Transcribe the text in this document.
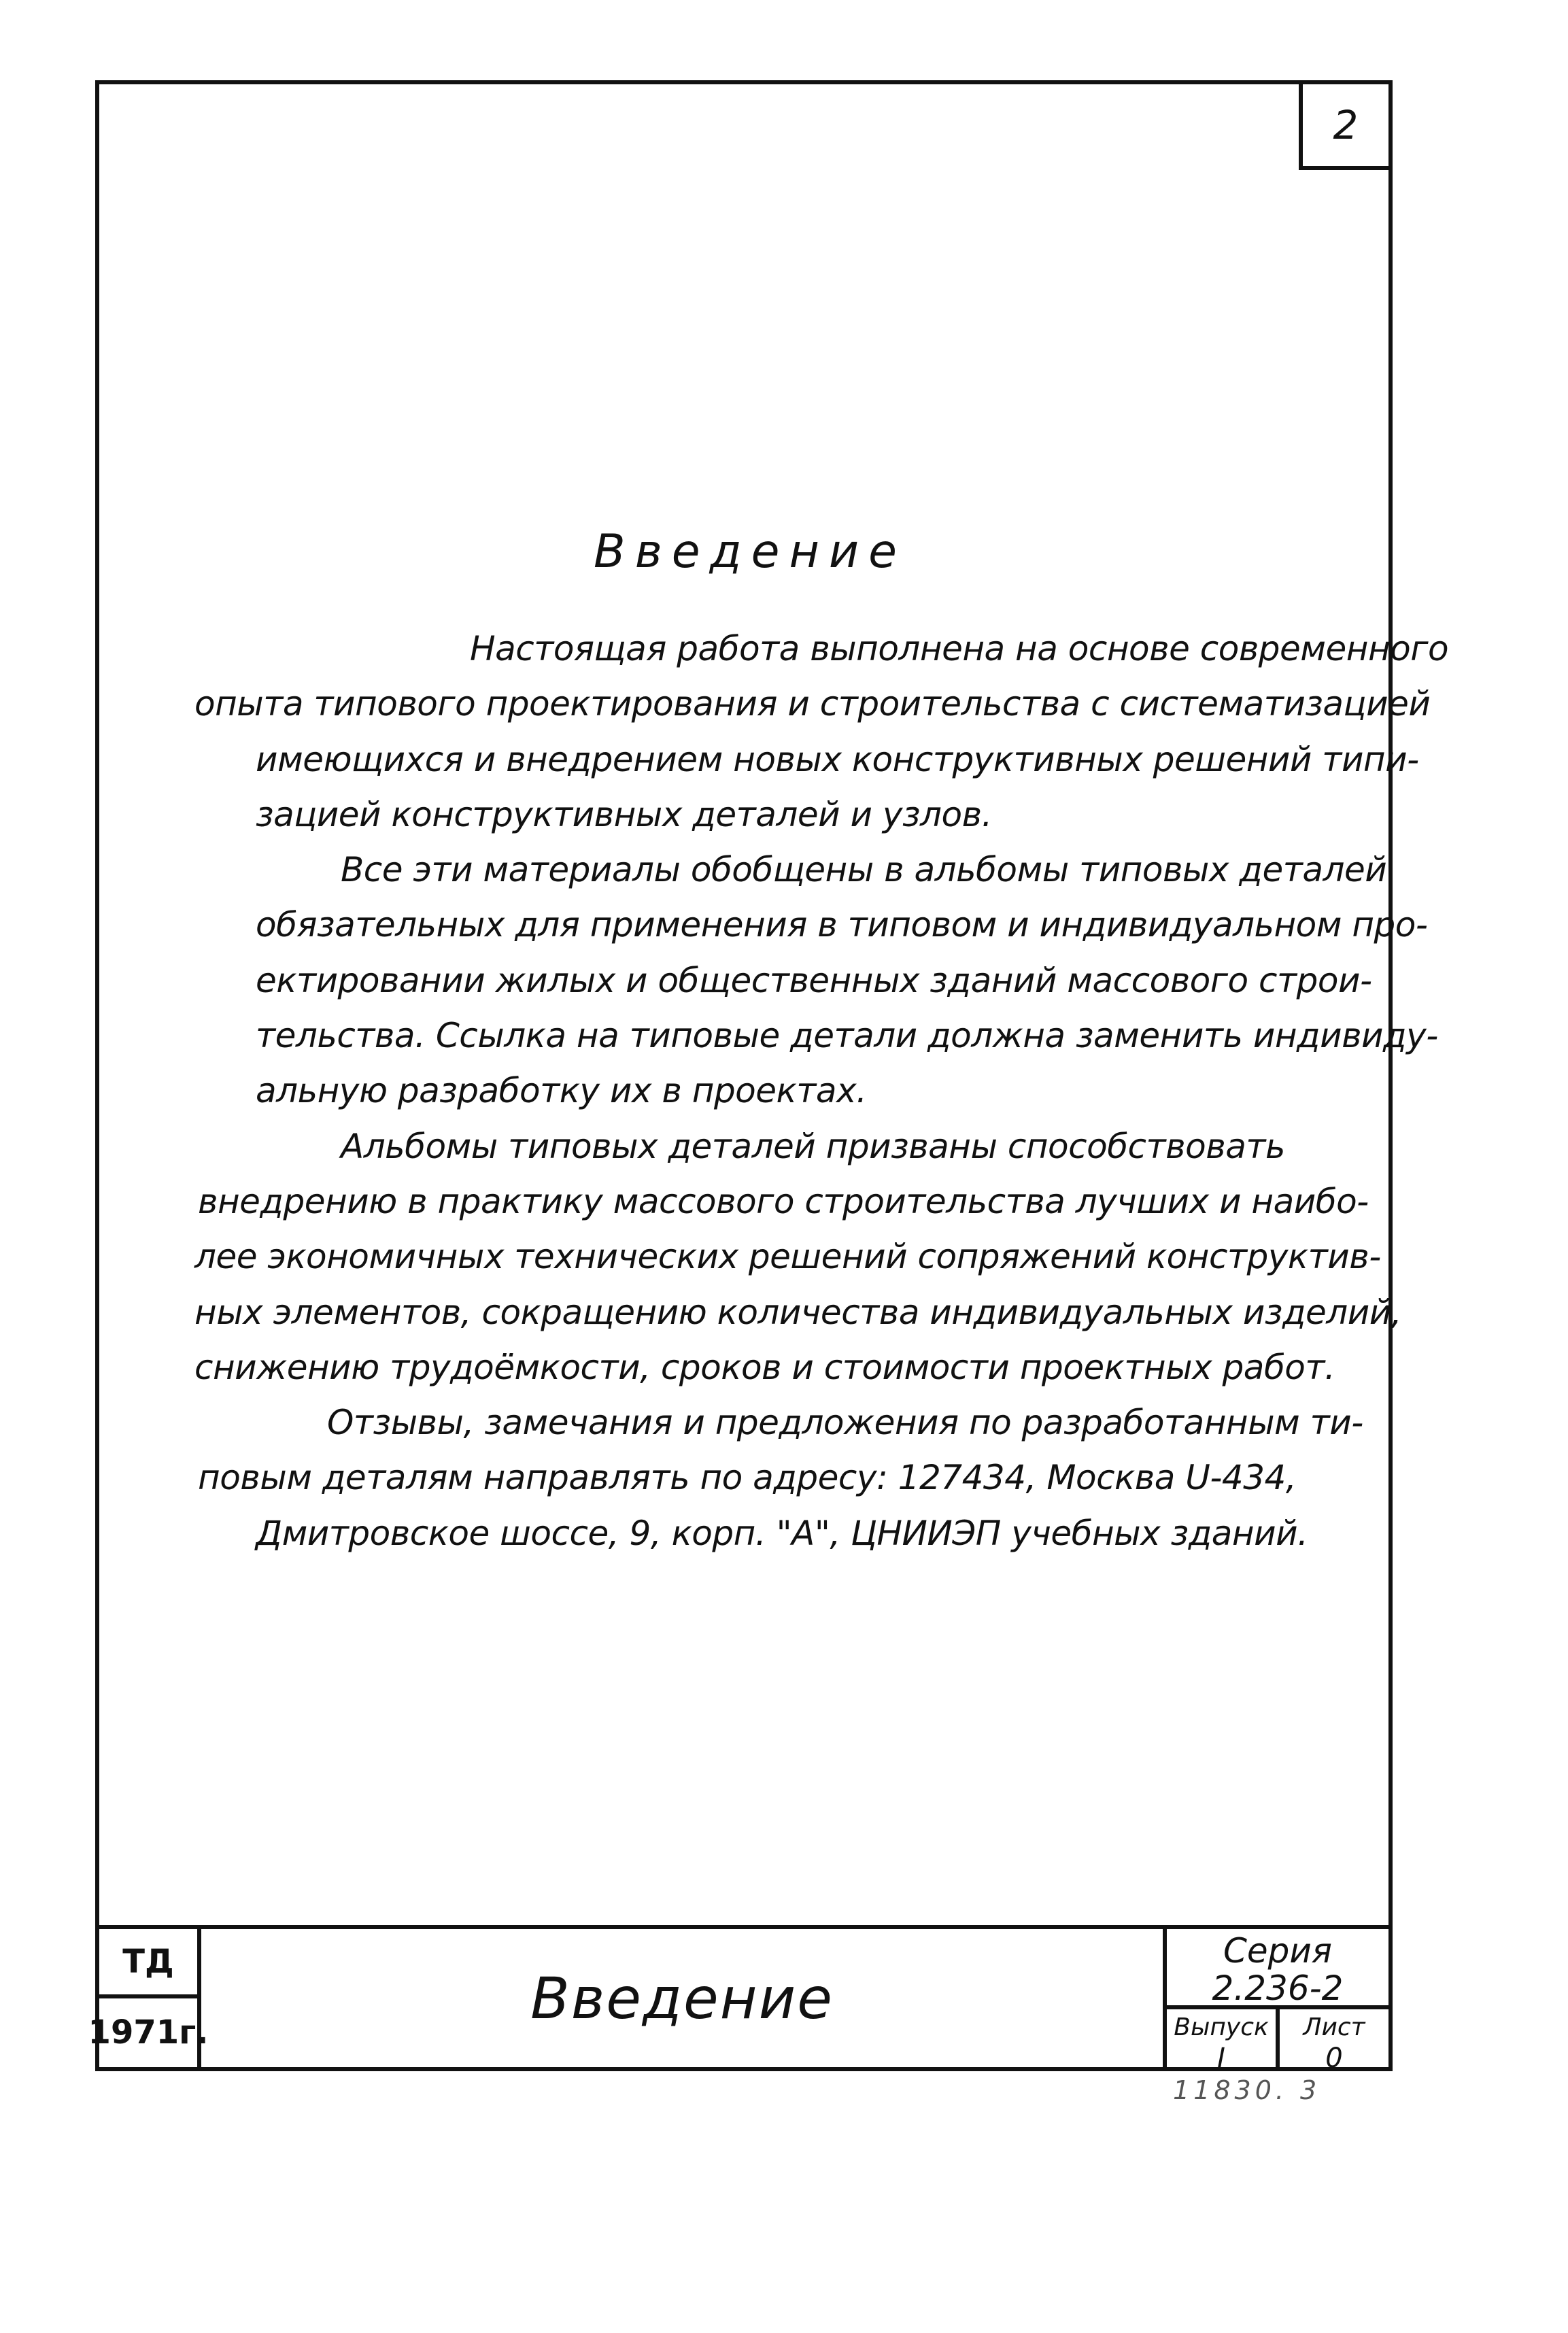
2
Введение
Настоящая работа выполнена на основе современного
опыта типового проектирования и строительства с систематизацией
имеющихся и внедрением новых конструктивных решений типи-
зацией конструктивных деталей и узлов.
Все эти материалы обобщены в альбомы типовых деталей
обязательных для применения в типовом и индивидуальном про-
ектировании жилых и общественных зданий массового строи-
тельства. Ссылка на типовые детали должна заменить индивиду-
альную разработку их в проектах.
Альбомы типовых деталей призваны способствовать
внедрению в практику массового строительства лучших и наибо-
лее экономичных технических решений сопряжений конструктив-
ных элементов, сокращению количества индивидуальных изделий,
снижению трудоёмкости, сроков и стоимости проектных работ.
Отзывы, замечания и предложения по разработанным ти-
повым деталям направлять по адресу: 127434, Москва U-434,
Дмитровское шоссе, 9, корп. "А", ЦНИИЭП учебных зданий.
ТД
1971г.
Введение
Серия
2.236-2
Выпуск
I
Лист
0
11830. 3
